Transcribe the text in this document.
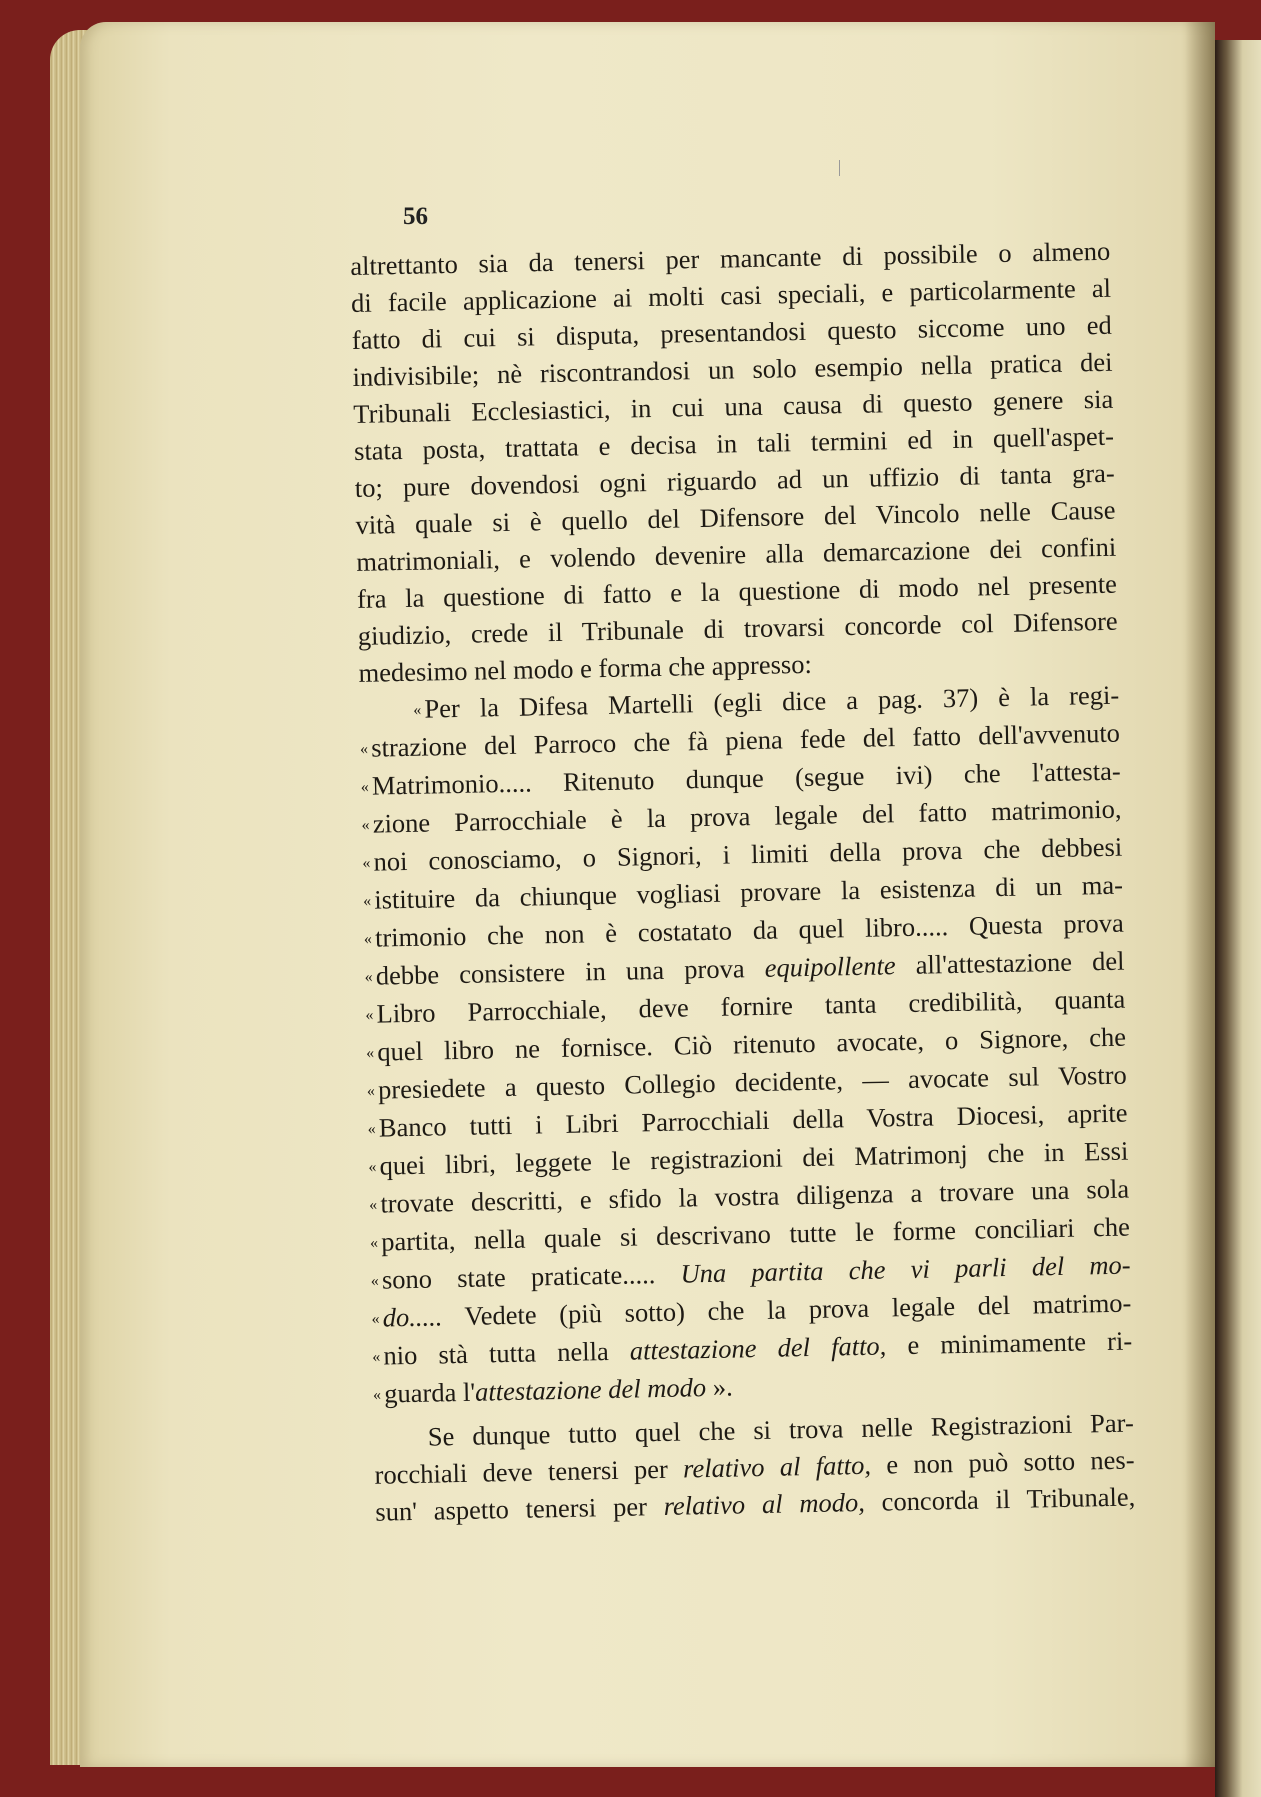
56
altrettanto sia da tenersi per mancante di possibile o almeno
di facile applicazione ai molti casi speciali, e particolarmente al
fatto di cui si disputa, presentandosi questo siccome uno ed
indivisibile; nè riscontrandosi un solo esempio nella pratica dei
Tribunali Ecclesiastici, in cui una causa di questo genere sia
stata posta, trattata e decisa in tali termini ed in quell'aspet-
to; pure dovendosi ogni riguardo ad un uffizio di tanta gra-
vità quale si è quello del Difensore del Vincolo nelle Cause
matrimoniali, e volendo devenire alla demarcazione dei confini
fra la questione di fatto e la questione di modo nel presente
giudizio, crede il Tribunale di trovarsi concorde col Difensore
medesimo nel modo e forma che appresso:
« Per la Difesa Martelli (egli dice a pag. 37) è la regi-
« strazione del Parroco che fà piena fede del fatto dell'avvenuto
« Matrimonio..... Ritenuto dunque (segue ivi) che l'attesta-
« zione Parrocchiale è la prova legale del fatto matrimonio,
« noi conosciamo, o Signori, i limiti della prova che debbesi
« istituire da chiunque vogliasi provare la esistenza di un ma-
« trimonio che non è costatato da quel libro..... Questa prova
« debbe consistere in una prova equipollente all'attestazione del
« Libro Parrocchiale, deve fornire tanta credibilità, quanta
« quel libro ne fornisce. Ciò ritenuto avocate, o Signore, che
« presiedete a questo Collegio decidente, — avocate sul Vostro
« Banco tutti i Libri Parrocchiali della Vostra Diocesi, aprite
« quei libri, leggete le registrazioni dei Matrimonj che in Essi
« trovate descritti, e sfido la vostra diligenza a trovare una sola
« partita, nella quale si descrivano tutte le forme conciliari che
« sono state praticate..... Una partita che vi parli del mo-
« do..... Vedete (più sotto) che la prova legale del matrimo-
« nio stà tutta nella attestazione del fatto, e minimamente ri-
« guarda l'attestazione del modo ».
Se dunque tutto quel che si trova nelle Registrazioni Par-
rocchiali deve tenersi per relativo al fatto, e non può sotto nes-
sun' aspetto tenersi per relativo al modo, concorda il Tribunale,
